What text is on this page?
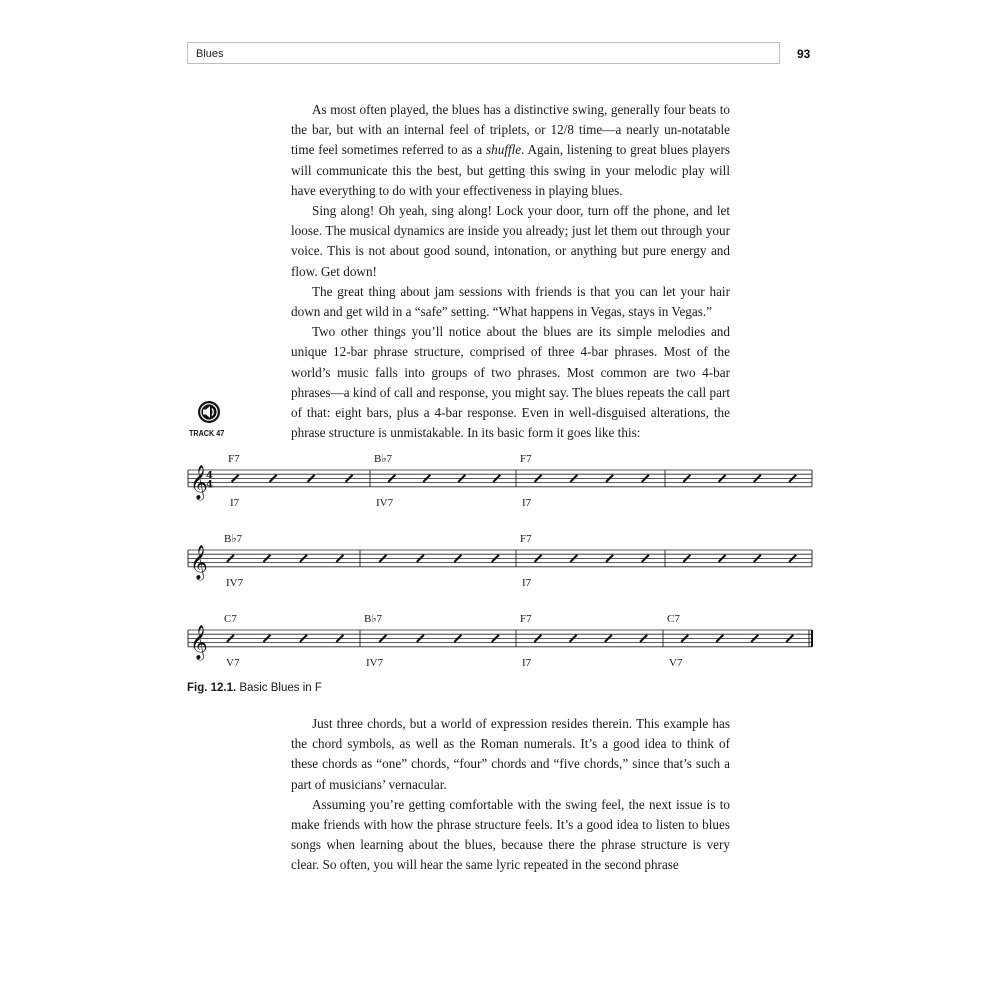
Blues	93

As most often played, the blues has a distinctive swing, generally four beats to the bar, but with an internal feel of triplets, or 12/8 time—a nearly un-notatable time feel sometimes referred to as a shuffle. Again, listening to great blues players will communicate this the best, but getting this swing in your melodic play will have everything to do with your effectiveness in playing blues.

Sing along! Oh yeah, sing along! Lock your door, turn off the phone, and let loose. The musical dynamics are inside you already; just let them out through your voice. This is not about good sound, intonation, or anything but pure energy and flow. Get down!

The great thing about jam sessions with friends is that you can let your hair down and get wild in a “safe” setting. “What happens in Vegas, stays in Vegas.”

Two other things you’ll notice about the blues are its simple melodies and unique 12-bar phrase structure, comprised of three 4-bar phrases. Most of the world’s music falls into groups of two phrases. Most common are two 4-bar phrases—a kind of call and response, you might say. The blues repeats the call part of that: eight bars, plus a 4-bar response. Even in well-disguised alterations, the phrase structure is unmistakable. In its basic form it goes like this:

TRACK 47
𝄞
4
4
F7
I7
B♭7
IV7
F7
I7
𝄞
B♭7
IV7
F7
I7
𝄞
C7
V7
B♭7
IV7
F7
I7
C7
V7
Fig. 12.1. Basic Blues in F

Just three chords, but a world of expression resides therein. This example has the chord symbols, as well as the Roman numerals. It’s a good idea to think of these chords as “one” chords, “four” chords and “five chords,” since that’s such a part of musicians’ vernacular.

Assuming you’re getting comfortable with the swing feel, the next issue is to make friends with how the phrase structure feels. It’s a good idea to listen to blues songs when learning about the blues, because there the phrase structure is very clear. So often, you will hear the same lyric repeated in the second phrase
